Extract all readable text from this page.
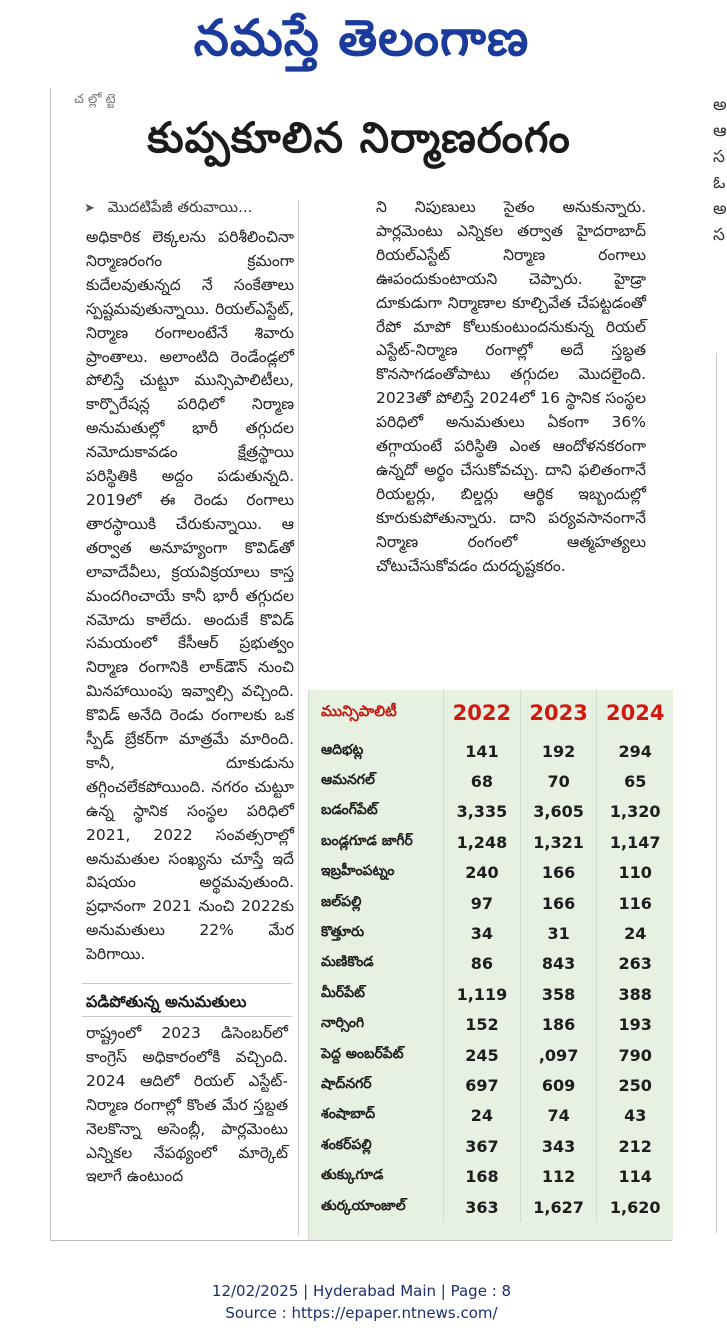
నమస్తే తెలంగాణ
అ
ఆ
స
ఓ
అ
స
చ ల్లో ట్టె
కుప్పకూలిన నిర్మాణరంగం
➤ మొదటిపేజీ తరువాయి...
అధికారిక లెక్కలను పరిశీలించినా నిర్మాణరంగం క్రమంగా కుదేలవుతున్నద నే సంకేతాలు స్పష్టమవుతున్నాయి. రియల్‌ఎస్టేట్‌, నిర్మాణ రంగాలంటేనే శివారు ప్రాంతాలు. అలాంటిది రెండేండ్లలో పోలిస్తే చుట్టూ మున్సిపాలిటీలు, కార్పొరేషన్ల పరిధిలో నిర్మాణ అనుమతుల్లో భారీ తగ్గుదల నమోదుకావడం క్షేత్రస్థాయి పరిస్థితికి అద్దం పడుతున్నది. 2019లో ఈ రెండు రంగాలు తారస్థాయికి చేరుకున్నాయి. ఆ తర్వాత అనూహ్యంగా కొవిడ్‌తో లావాదేవీలు, క్రయవిక్రయాలు కాస్త మందగించాయే కానీ భారీ తగ్గుదల నమోదు కాలేదు. అందుకే కొవిడ్ సమయంలో కేసీఆర్ ప్రభుత్వం నిర్మాణ రంగానికి లాక్‌డౌన్ నుంచి మినహాయింపు ఇవ్వాల్సి వచ్చింది. కొవిడ్ అనేది రెండు రంగాలకు ఒక స్పీడ్ బ్రేకర్‌గా మాత్రమే మారింది. కానీ, దూకుడును తగ్గించలేకపోయింది. నగరం చుట్టూ ఉన్న స్థానిక సంస్థల పరిధిలో 2021, 2022 సంవత్సరాల్లో అనుమతుల సంఖ్యను చూస్తే ఇదే విషయం అర్థమవుతుంది. ప్రధానంగా 2021 నుంచి 2022కు అనుమతులు 22% మేర పెరిగాయి.
పడిపోతున్న అనుమతులు
రాష్ట్రంలో 2023 డిసెంబర్‌లో కాంగ్రెస్ అధికారంలోకి వచ్చింది. 2024 ఆదిలో రియల్ ఎస్టేట్-నిర్మాణ రంగాల్లో కొంత మేర స్తబ్దత నెలకొన్నా అసెంబ్లీ, పార్లమెంటు ఎన్నికల నేపథ్యంలో మార్కెట్ ఇలాగే ఉంటుంద
ని నిపుణులు సైతం అనుకున్నారు. పార్లమెంటు ఎన్నికల తర్వాత హైదరాబాద్ రియల్‌ఎస్టేట్ నిర్మాణ రంగాలు ఊపందుకుంటాయని చెప్పారు. హైడ్రా దూకుడుగా నిర్మాణాల కూల్చివేత చేపట్టడంతో రేపో మాపో కోలుకుంటుందనుకున్న రియల్ ఎస్టేట్-నిర్మాణ రంగాల్లో అదే స్తబ్ధత కొనసాగడంతోపాటు తగ్గుదల మొదలైంది. 2023తో పోలిస్తే 2024లో 16 స్థానిక సంస్థల పరిధిలో అనుమతులు ఏకంగా 36% తగ్గాయంటే పరిస్థితి ఎంత ఆందోళనకరంగా ఉన్నదో అర్థం చేసుకోవచ్చు. దాని ఫలితంగానే రియల్టర్లు, బిల్డర్లు ఆర్థిక ఇబ్బందుల్లో కూరుకుపోతున్నారు. దాని పర్యవసానంగానే నిర్మాణ రంగంలో ఆత్మహత్యలు చోటుచేసుకోవడం దురదృష్టకరం.
మున్సిపాలిటీ	2022	2023	2024
ఆదిభట్ల	141	192	294
ఆమనగల్	68	70	65
బడంగ్‌పేట్	3,335	3,605	1,320
బండ్లగూడ జాగీర్	1,248	1,321	1,147
ఇబ్రహీంపట్నం	240	166	110
జల్‌పల్లి	97	166	116
కొత్తూరు	34	31	24
మణికొండ	86	843	263
మీర్‌పేట్	1,119	358	388
నార్సింగి	152	186	193
పెద్ద అంబర్‌పేట్	245	,097	790
షాద్‌నగర్	697	609	250
శంషాబాద్	24	74	43
శంకర్‌పల్లి	367	343	212
తుక్కుగూడ	168	112	114
తుర్కయాంజాల్	363	1,627	1,620
12/02/2025 | Hyderabad Main | Page : 8
Source : https://epaper.ntnews.com/
